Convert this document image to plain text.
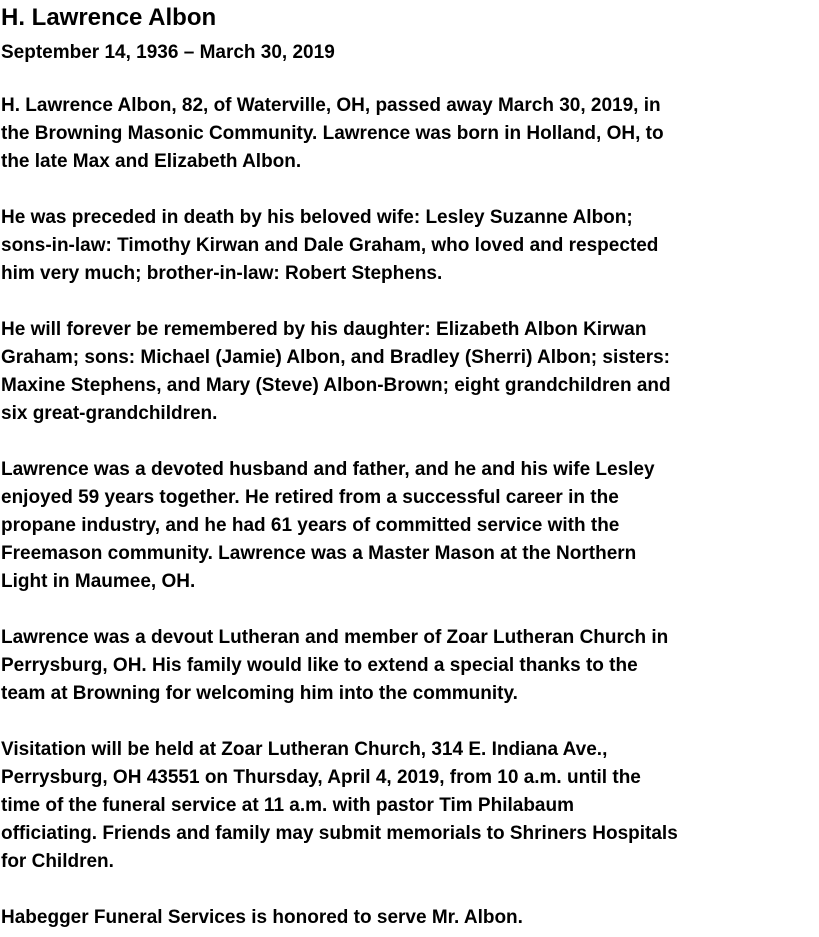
H. Lawrence Albon
September 14, 1936 – March 30, 2019

H. Lawrence Albon, 82, of Waterville, OH, passed away March 30, 2019, in
the Browning Masonic Community. Lawrence was born in Holland, OH, to
the late Max and Elizabeth Albon.

He was preceded in death by his beloved wife: Lesley Suzanne Albon;
sons-in-law: Timothy Kirwan and Dale Graham, who loved and respected
him very much; brother-in-law: Robert Stephens.

He will forever be remembered by his daughter: Elizabeth Albon Kirwan
Graham; sons: Michael (Jamie) Albon, and Bradley (Sherri) Albon; sisters:
Maxine Stephens, and Mary (Steve) Albon-Brown; eight grandchildren and
six great-grandchildren.

Lawrence was a devoted husband and father, and he and his wife Lesley
enjoyed 59 years together. He retired from a successful career in the
propane industry, and he had 61 years of committed service with the
Freemason community. Lawrence was a Master Mason at the Northern
Light in Maumee, OH.

Lawrence was a devout Lutheran and member of Zoar Lutheran Church in
Perrysburg, OH. His family would like to extend a special thanks to the
team at Browning for welcoming him into the community.

Visitation will be held at Zoar Lutheran Church, 314 E. Indiana Ave.,
Perrysburg, OH 43551 on Thursday, April 4, 2019, from 10 a.m. until the
time of the funeral service at 11 a.m. with pastor Tim Philabaum
officiating. Friends and family may submit memorials to Shriners Hospitals
for Children.

Habegger Funeral Services is honored to serve Mr. Albon.
